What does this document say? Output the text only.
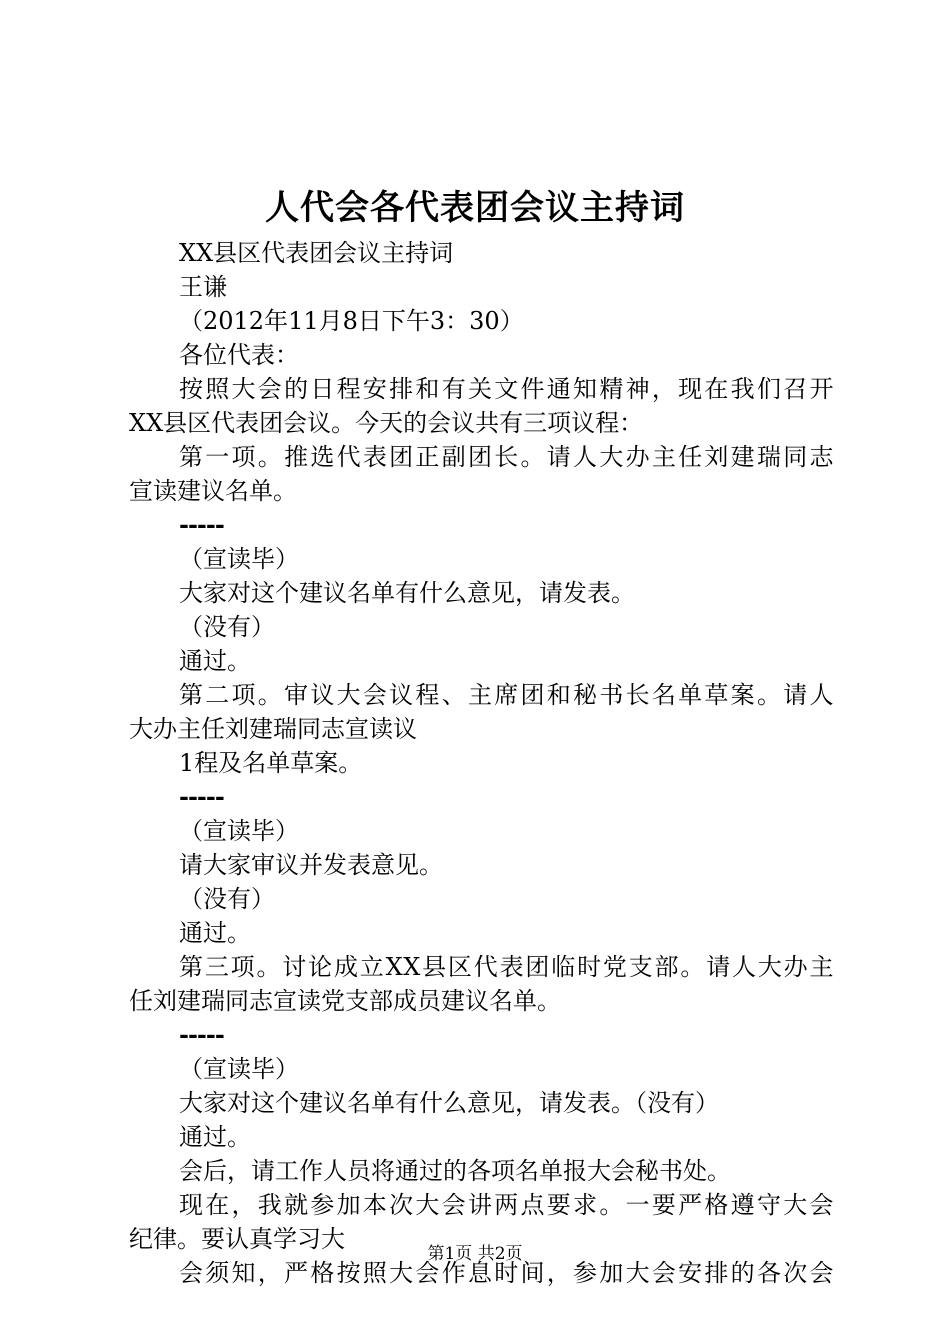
人代会各代表团会议主持词
XX县区代表团会议主持词
王谦
（2012年11月8日下午3：30）
各位代表：
按照大会的日程安排和有关文件通知精神，现在我们召开
XX县区代表团会议。今天的会议共有三项议程：
第一项。推选代表团正副团长。请人大办主任刘建瑞同志
宣读建议名单。
-----
（宣读毕）
大家对这个建议名单有什么意见，请发表。
（没有）
通过。
第二项。审议大会议程、主席团和秘书长名单草案。请人
大办主任刘建瑞同志宣读议
1程及名单草案。
-----
（宣读毕）
请大家审议并发表意见。
（没有）
通过。
第三项。讨论成立XX县区代表团临时党支部。请人大办主
任刘建瑞同志宣读党支部成员建议名单。
-----
（宣读毕）
大家对这个建议名单有什么意见，请发表。（没有）
通过。
会后，请工作人员将通过的各项名单报大会秘书处。
现在，我就参加本次大会讲两点要求。一要严格遵守大会
纪律。要认真学习大
会须知，严格按照大会作息时间，参加大会安排的各次会
第1页 共2页
